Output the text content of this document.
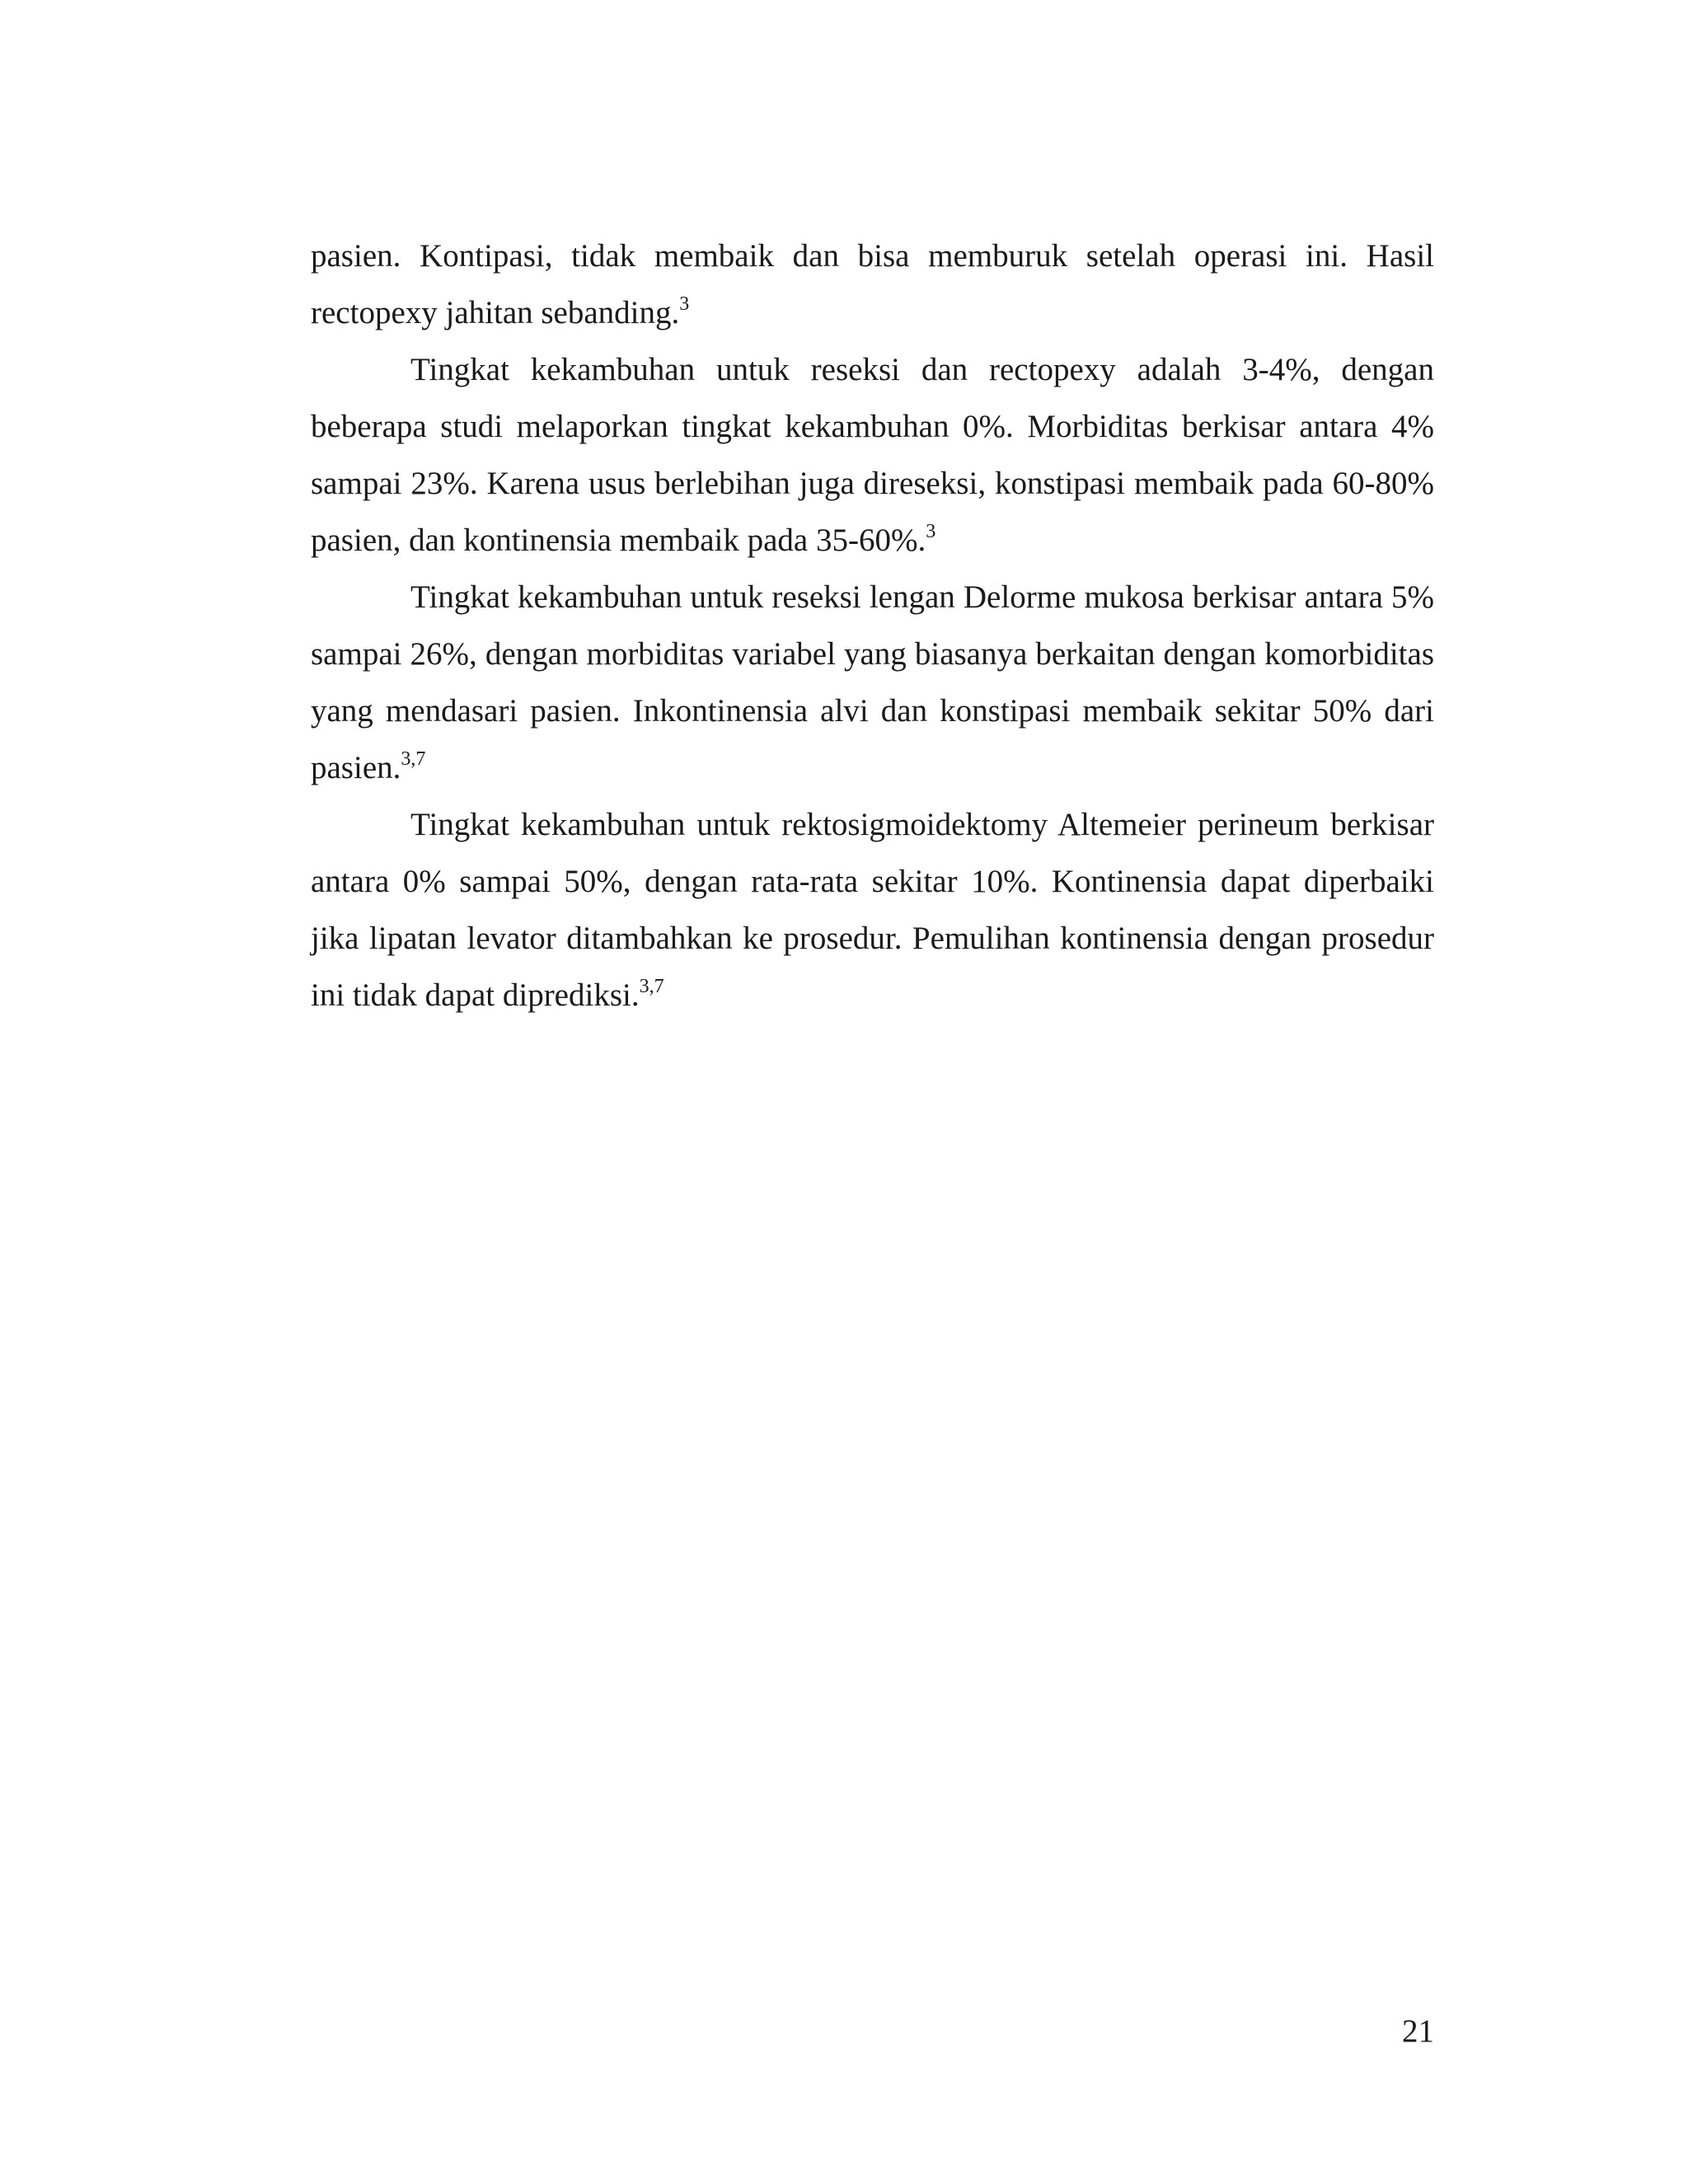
pasien. Kontipasi, tidak membaik dan bisa memburuk setelah operasi ini. Hasil rectopexy jahitan sebanding.$^3$

Tingkat kekambuhan untuk reseksi dan rectopexy adalah 3-4%, dengan beberapa studi melaporkan tingkat kekambuhan 0%. Morbiditas berkisar antara 4% sampai 23%. Karena usus berlebihan juga direseksi, konstipasi membaik pada 60-80% pasien, dan kontinensia membaik pada 35-60%.$^3$

Tingkat kekambuhan untuk reseksi lengan Delorme mukosa berkisar antara 5% sampai 26%, dengan morbiditas variabel yang biasanya berkaitan dengan komorbiditas yang mendasari pasien. Inkontinensia alvi dan konstipasi membaik sekitar 50% dari pasien.$^{3,7}$

Tingkat kekambuhan untuk rektosigmoidektomy Altemeier perineum berkisar antara 0% sampai 50%, dengan rata-rata sekitar 10%. Kontinensia dapat diperbaiki jika lipatan levator ditambahkan ke prosedur. Pemulihan kontinensia dengan prosedur ini tidak dapat diprediksi.$^{3,7}$

21
